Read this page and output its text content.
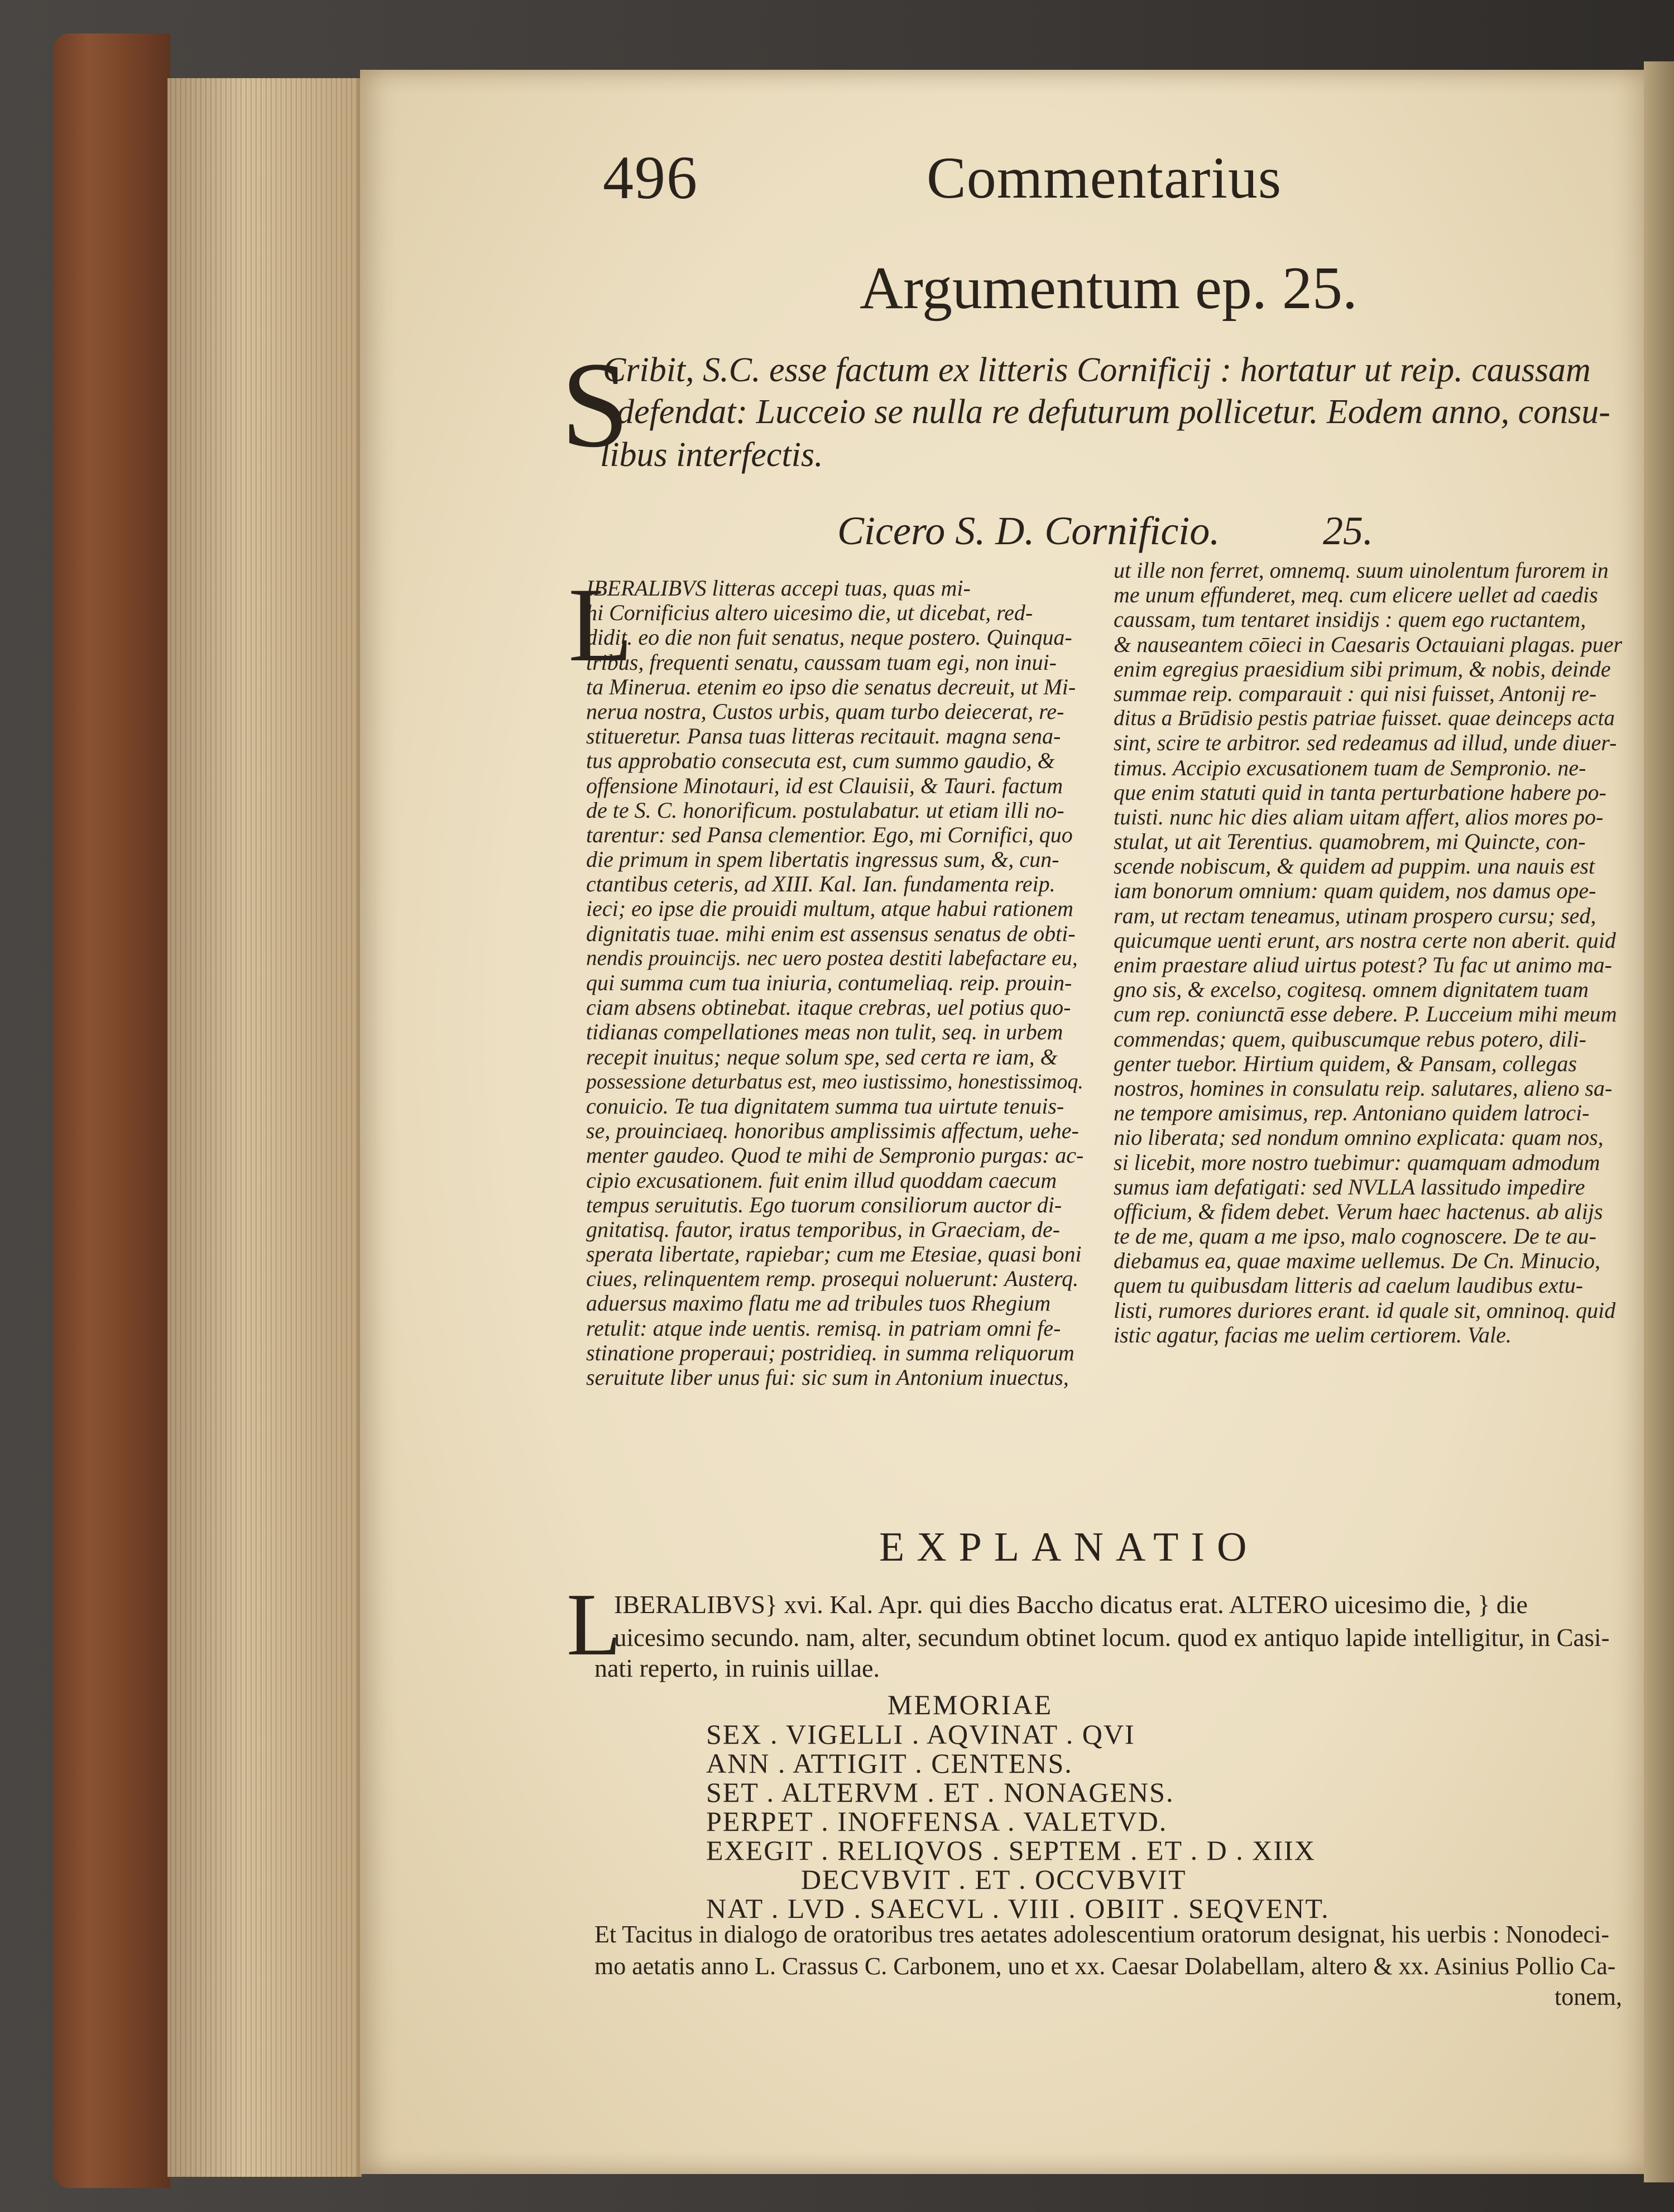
496	Commentarius
Argumentum ep. 25.
S
Cribit, S.C. esse factum ex litteris Cornificij : hortatur ut reip. caussam
defendat: Lucceio se nulla re defuturum pollicetur. Eodem anno, consu-
libus interfectis.
Cicero S. D. Cornificio.	25.
L
IBERALIBVS litteras accepi tuas, quas mi-
hi Cornificius altero uicesimo die, ut dicebat, red-
didit. eo die non fuit senatus, neque postero. Quinqua-
tribus, frequenti senatu, caussam tuam egi, non inui-
ta Minerua. etenim eo ipso die senatus decreuit, ut Mi-
nerua nostra, Custos urbis, quam turbo deiecerat, re-
stitueretur. Pansa tuas litteras recitauit. magna sena-
tus approbatio consecuta est, cum summo gaudio, &
offensione Minotauri, id est Clauisii, & Tauri. factum
de te S. C. honorificum. postulabatur. ut etiam illi no-
tarentur: sed Pansa clementior. Ego, mi Cornifici, quo
die primum in spem libertatis ingressus sum, &, cun-
ctantibus ceteris, ad XIII. Kal. Ian. fundamenta reip.
ieci; eo ipse die prouidi multum, atque habui rationem
dignitatis tuae. mihi enim est assensus senatus de obti-
nendis prouincijs. nec uero postea destiti labefactare eu,
qui summa cum tua iniuria, contumeliaq. reip. prouin-
ciam absens obtinebat. itaque crebras, uel potius quo-
tidianas compellationes meas non tulit, seq. in urbem
recepit inuitus; neque solum spe, sed certa re iam, &
possessione deturbatus est, meo iustissimo, honestissimoq.
conuicio. Te tua dignitatem summa tua uirtute tenuis-
se, prouinciaeq. honoribus amplissimis affectum, uehe-
menter gaudeo. Quod te mihi de Sempronio purgas: ac-
cipio excusationem. fuit enim illud quoddam caecum
tempus seruitutis. Ego tuorum consiliorum auctor di-
gnitatisq. fautor, iratus temporibus, in Graeciam, de-
sperata libertate, rapiebar; cum me Etesiae, quasi boni
ciues, relinquentem remp. prosequi noluerunt: Austerq.
aduersus maximo flatu me ad tribules tuos Rhegium
retulit: atque inde uentis. remisq. in patriam omni fe-
stinatione properaui; postridieq. in summa reliquorum
seruitute liber unus fui: sic sum in Antonium inuectus,
ut ille non ferret, omnemq. suum uinolentum furorem in
me unum effunderet, meq. cum elicere uellet ad caedis
caussam, tum tentaret insidijs : quem ego ructantem,
& nauseantem cōieci in Caesaris Octauiani plagas. puer
enim egregius praesidium sibi primum, & nobis, deinde
summae reip. comparauit : qui nisi fuisset, Antonij re-
ditus a Brūdisio pestis patriae fuisset. quae deinceps acta
sint, scire te arbitror. sed redeamus ad illud, unde diuer-
timus. Accipio excusationem tuam de Sempronio. ne-
que enim statuti quid in tanta perturbatione habere po-
tuisti. nunc hic dies aliam uitam affert, alios mores po-
stulat, ut ait Terentius. quamobrem, mi Quincte, con-
scende nobiscum, & quidem ad puppim. una nauis est
iam bonorum omnium: quam quidem, nos damus ope-
ram, ut rectam teneamus, utinam prospero cursu; sed,
quicumque uenti erunt, ars nostra certe non aberit. quid
enim praestare aliud uirtus potest? Tu fac ut animo ma-
gno sis, & excelso, cogitesq. omnem dignitatem tuam
cum rep. coniunctā esse debere. P. Lucceium mihi meum
commendas; quem, quibuscumque rebus potero, dili-
genter tuebor. Hirtium quidem, & Pansam, collegas
nostros, homines in consulatu reip. salutares, alieno sa-
ne tempore amisimus, rep. Antoniano quidem latroci-
nio liberata; sed nondum omnino explicata: quam nos,
si licebit, more nostro tuebimur: quamquam admodum
sumus iam defatigati: sed NVLLA lassitudo impedire
officium, & fidem debet. Verum haec hactenus. ab alijs
te de me, quam a me ipso, malo cognoscere. De te au-
diebamus ea, quae maxime uellemus. De Cn. Minucio,
quem tu quibusdam litteris ad caelum laudibus extu-
listi, rumores duriores erant. id quale sit, omninoq. quid
istic agatur, facias me uelim certiorem. Vale.
EXPLANATIO
L
IBERALIBVS} xvi. Kal. Apr. qui dies Baccho dicatus erat. ALTERO uicesimo die, } die
uicesimo secundo. nam, alter, secundum obtinet locum. quod ex antiquo lapide intelligitur, in Casi-
nati reperto, in ruinis uillae.
MEMORIAE
SEX . VIGELLI . AQVINAT . QVI
ANN . ATTIGIT . CENTENS.
SET . ALTERVM . ET . NONAGENS.
PERPET . INOFFENSA . VALETVD.
EXEGIT . RELIQVOS . SEPTEM . ET . D . XIIX
DECVBVIT . ET . OCCVBVIT
NAT . LVD . SAECVL . VIII . OBIIT . SEQVENT.
Et Tacitus in dialogo de oratoribus tres aetates adolescentium oratorum designat, his uerbis : Nonodeci-
mo aetatis anno L. Crassus C. Carbonem, uno et xx. Caesar Dolabellam, altero & xx. Asinius Pollio Ca-
tonem,
